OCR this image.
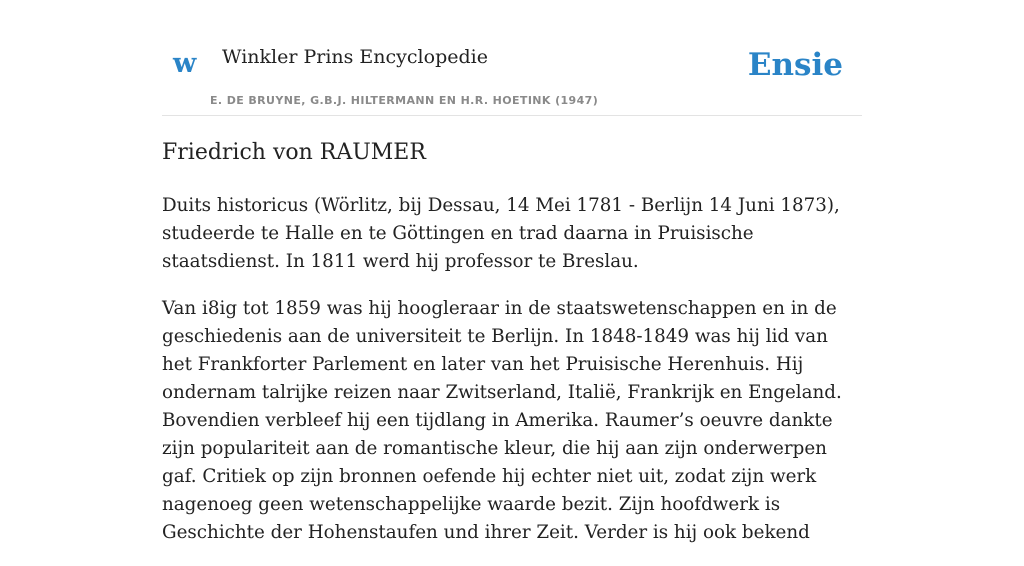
w Winkler Prins Encyclopedie
E. DE BRUYNE, G.B.J. HILTERMANN EN H.R. HOETINK (1947)
Ensie
Friedrich von RAUMER

Duits historicus (Wörlitz, bij Dessau, 14 Mei 1781 - Berlijn 14 Juni 1873), studeerde te Halle en te Göttingen en trad daarna in Pruisische staatsdienst. In 1811 werd hij professor te Breslau.

Van i8ig tot 1859 was hij hoogleraar in de staatswetenschappen en in de geschiedenis aan de universiteit te Berlijn. In 1848-1849 was hij lid van het Frankforter Parlement en later van het Pruisische Herenhuis. Hij ondernam talrijke reizen naar Zwitserland, Italië, Frankrijk en Engeland. Bovendien verbleef hij een tijdlang in Amerika. Raumer’s oeuvre dankte zijn populariteit aan de romantische kleur, die hij aan zijn onderwerpen gaf. Critiek op zijn bronnen oefende hij echter niet uit, zodat zijn werk nagenoeg geen wetenschappelijke waarde bezit. Zijn hoofdwerk is Geschichte der Hohenstaufen und ihrer Zeit. Verder is hij ook bekend
